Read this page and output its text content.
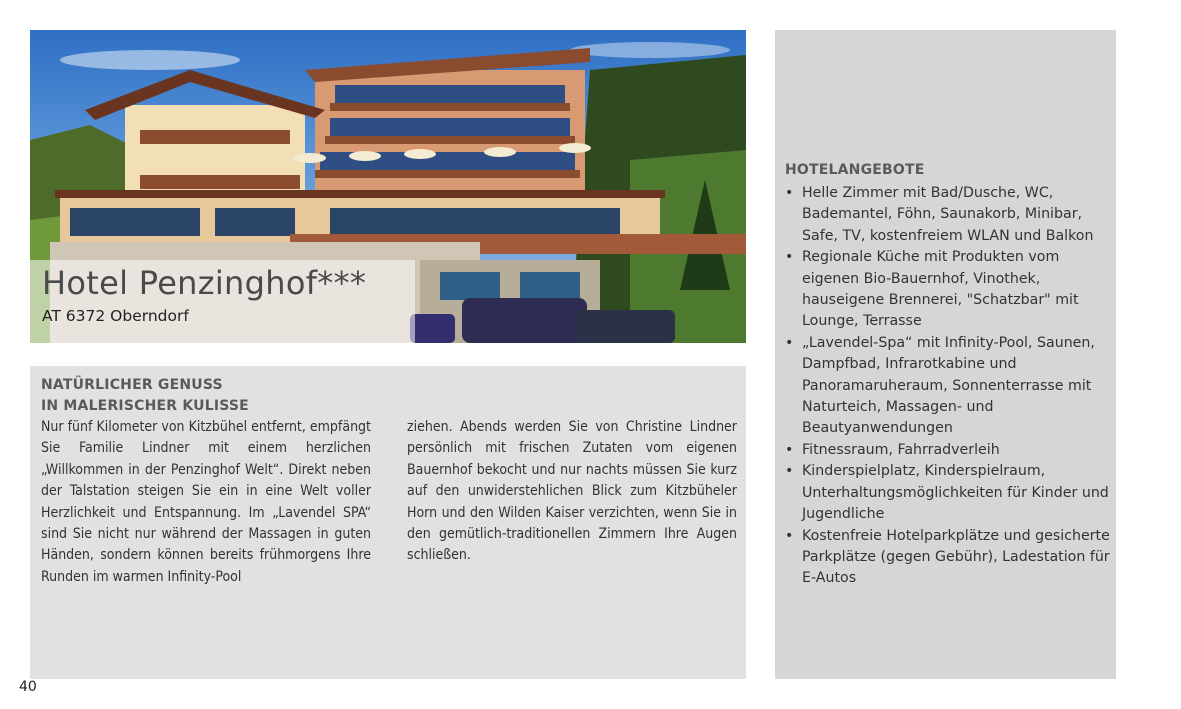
Hotel Penzinghof***
AT 6372 Oberndorf
NATÜRLICHER GENUSS
IN MALERISCHER KULISSE
Nur fünf Kilometer von Kitzbühel entfernt, empfängt Sie Familie Lindner mit einem herzlichen „Willkommen in der Penzinghof Welt“. Direkt neben der Talstation steigen Sie ein in eine Welt voller Herzlichkeit und Entspannung. Im „Lavendel SPA“ sind Sie nicht nur während der Massagen in guten Händen, sondern können bereits frühmorgens Ihre Runden im warmen Infinity-Pool
ziehen. Abends werden Sie von Christine Lindner persönlich mit frischen Zutaten vom eigenen Bauernhof bekocht und nur nachts müssen Sie kurz auf den unwiderstehlichen Blick zum Kitzbüheler Horn und den Wilden Kaiser verzichten, wenn Sie in den gemütlich-traditionellen Zimmern Ihre Augen schließen.
HOTELANGEBOTE
• Helle Zimmer mit Bad/Dusche, WC, Bademantel, Föhn, Saunakorb, Minibar, Safe, TV, kostenfreiem WLAN und Balkon
• Regionale Küche mit Produkten vom eigenen Bio-Bauernhof, Vinothek, hauseigene Brennerei, "Schatzbar" mit Lounge, Terrasse
• „Lavendel-Spa“ mit Infinity-Pool, Saunen, Dampfbad, Infrarotkabine und Panoramaruheraum, Sonnenterrasse mit Naturteich, Massagen- und Beautyanwendungen
• Fitnessraum, Fahrradverleih
• Kinderspielplatz, Kinderspielraum, Unterhaltungsmöglichkeiten für Kinder und Jugendliche
• Kostenfreie Hotelparkplätze und gesicherte Parkplätze (gegen Gebühr), Ladestation für E-Autos
40
